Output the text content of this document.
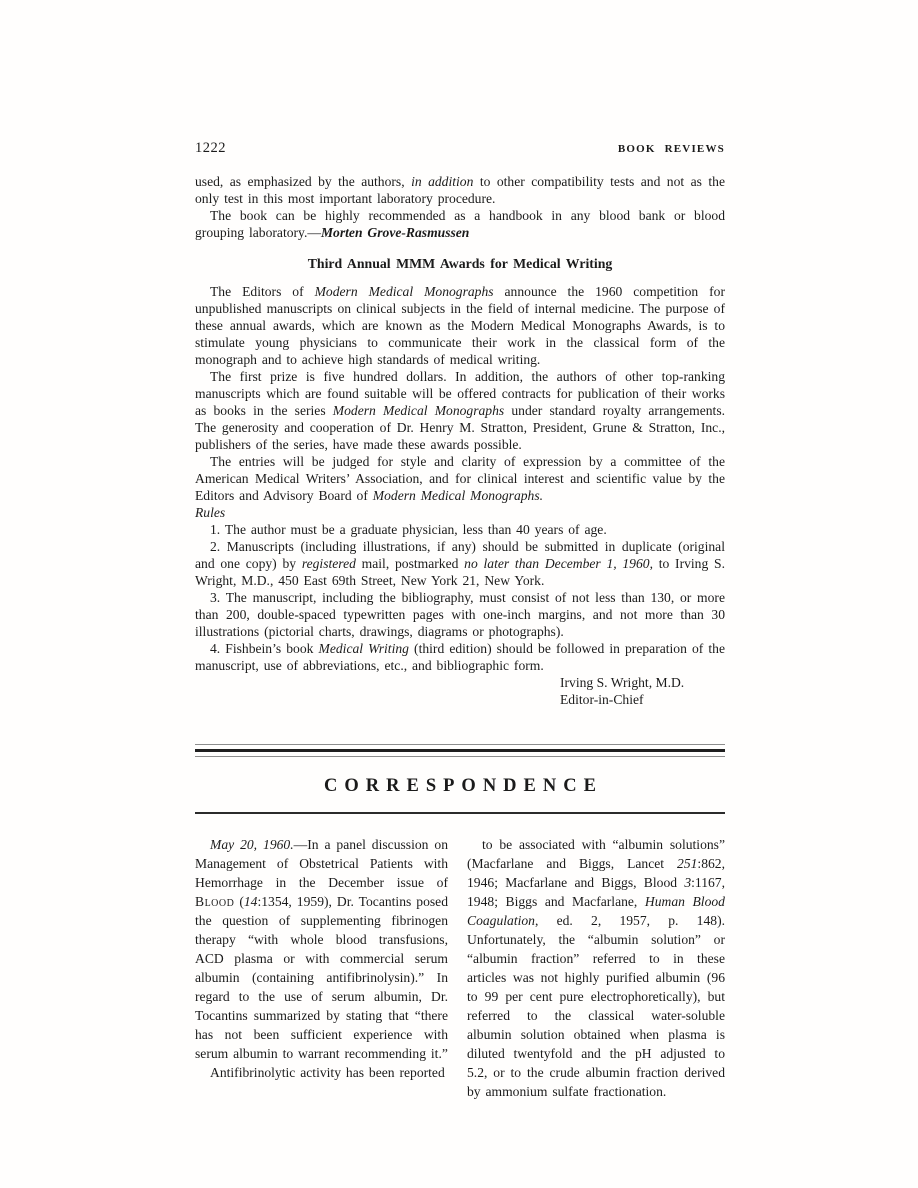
1222	BOOK REVIEWS

used, as emphasized by the authors, in addition to other compatibility tests and not as the only test in this most important laboratory procedure.

The book can be highly recommended as a handbook in any blood bank or blood grouping laboratory.—Morten Grove-Rasmussen

Third Annual MMM Awards for Medical Writing

The Editors of Modern Medical Monographs announce the 1960 competition for unpublished manuscripts on clinical subjects in the field of internal medicine. The purpose of these annual awards, which are known as the Modern Medical Monographs Awards, is to stimulate young physicians to communicate their work in the classical form of the monograph and to achieve high standards of medical writing.

The first prize is five hundred dollars. In addition, the authors of other top-ranking manuscripts which are found suitable will be offered contracts for publication of their works as books in the series Modern Medical Monographs under standard royalty arrangements. The generosity and cooperation of Dr. Henry M. Stratton, President, Grune & Stratton, Inc., publishers of the series, have made these awards possible.

The entries will be judged for style and clarity of expression by a committee of the American Medical Writers’ Association, and for clinical interest and scientific value by the Editors and Advisory Board of Modern Medical Monographs.

Rules

1. The author must be a graduate physician, less than 40 years of age.

2. Manuscripts (including illustrations, if any) should be submitted in duplicate (original and one copy) by registered mail, postmarked no later than December 1, 1960, to Irving S. Wright, M.D., 450 East 69th Street, New York 21, New York.

3. The manuscript, including the bibliography, must consist of not less than 130, or more than 200, double-spaced typewritten pages with one-inch margins, and not more than 30 illustrations (pictorial charts, drawings, diagrams or photographs).

4. Fishbein’s book Medical Writing (third edition) should be followed in preparation of the manuscript, use of abbreviations, etc., and bibliographic form.

Irving S. Wright, M.D.
Editor-in-Chief
CORRESPONDENCE

May 20, 1960.—In a panel discussion on Management of Obstetrical Patients with Hemorrhage in the December issue of Blood (14:1354, 1959), Dr. Tocantins posed the question of supplementing fibrinogen therapy “with whole blood transfusions, ACD plasma or with commercial serum albumin (containing antifibrinolysin).” In regard to the use of serum albumin, Dr. Tocantins summarized by stating that “there has not been sufficient experience with serum albumin to warrant recommending it.”

Antifibrinolytic activity has been reported

to be associated with “albumin solutions” (Macfarlane and Biggs, Lancet 251:862, 1946; Macfarlane and Biggs, Blood 3:1167, 1948; Biggs and Macfarlane, Human Blood Coagulation, ed. 2, 1957, p. 148). Unfortunately, the “albumin solution” or “albumin fraction” referred to in these articles was not highly purified albumin (96 to 99 per cent pure electrophoretically), but referred to the classical water-soluble albumin solution obtained when plasma is diluted twentyfold and the pH adjusted to 5.2, or to the crude albumin fraction derived by ammonium sulfate fractionation.
